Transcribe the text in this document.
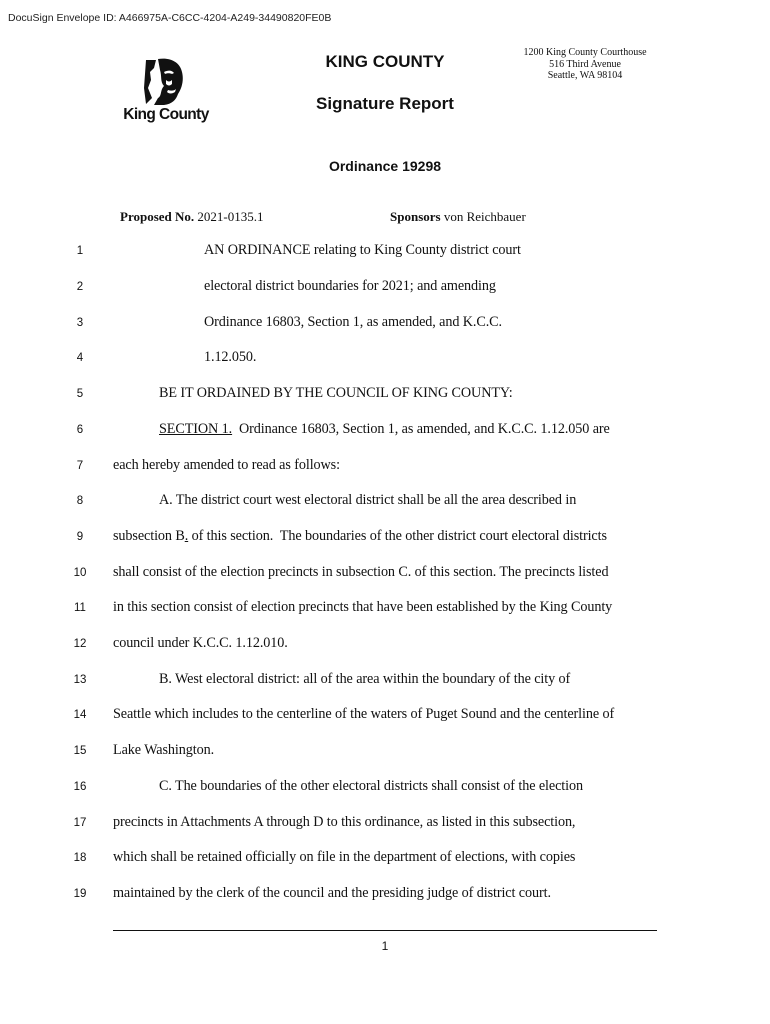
DocuSign Envelope ID: A466975A-C6CC-4204-A249-34490820FE0B
King County
KING COUNTY
Signature Report
1200 King County Courthouse
516 Third Avenue
Seattle, WA 98104
Ordinance 19298
Proposed No. 2021-0135.1	Sponsors von Reichbauer
1	AN ORDINANCE relating to King County district court
2	electoral district boundaries for 2021; and amending
3	Ordinance 16803, Section 1, as amended, and K.C.C.
4	1.12.050.
5	BE IT ORDAINED BY THE COUNCIL OF KING COUNTY:
6	SECTION 1.  Ordinance 16803, Section 1, as amended, and K.C.C. 1.12.050 are
7	each hereby amended to read as follows:
8	A. The district court west electoral district shall be all the area described in
9	subsection B. of this section.  The boundaries of the other district court electoral districts
10	shall consist of the election precincts in subsection C. of this section. The precincts listed
11	in this section consist of election precincts that have been established by the King County
12	council under K.C.C. 1.12.010.
13	B. West electoral district: all of the area within the boundary of the city of
14	Seattle which includes to the centerline of the waters of Puget Sound and the centerline of
15	Lake Washington.
16	C. The boundaries of the other electoral districts shall consist of the election
17	precincts in Attachments A through D to this ordinance, as listed in this subsection,
18	which shall be retained officially on file in the department of elections, with copies
19	maintained by the clerk of the council and the presiding judge of district court.
1
